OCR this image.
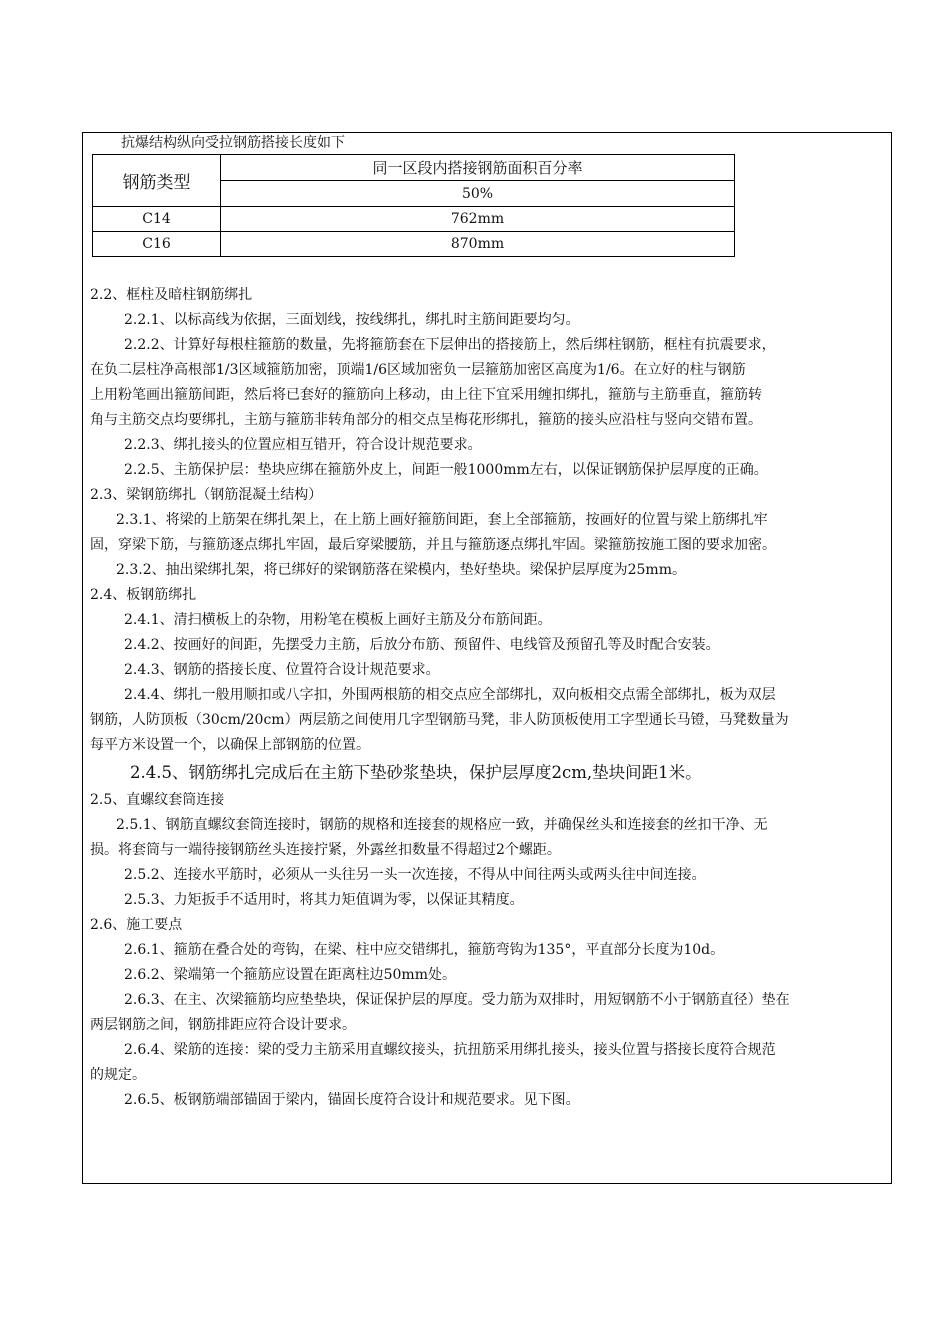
抗爆结构纵向受拉钢筋搭接长度如下
钢筋类型	同一区段内搭接钢筋面积百分率
	50%
C14	762mm
C16	870mm
2.2、框柱及暗柱钢筋绑扎
2.2.1、以标高线为依据，三面划线，按线绑扎，绑扎时主筋间距要均匀。
2.2.2、计算好每根柱箍筋的数量，先将箍筋套在下层伸出的搭接筋上，然后绑柱钢筋，框柱有抗震要求，
在负二层柱净高根部1/3区域箍筋加密，顶端1/6区域加密负一层箍筋加密区高度为1/6。在立好的柱与钢筋
上用粉笔画出箍筋间距，然后将已套好的箍筋向上移动，由上往下宜采用缠扣绑扎，箍筋与主筋垂直，箍筋转
角与主筋交点均要绑扎，主筋与箍筋非转角部分的相交点呈梅花形绑扎，箍筋的接头应沿柱与竖向交错布置。
2.2.3、绑扎接头的位置应相互错开，符合设计规范要求。
2.2.5、主筋保护层：垫块应绑在箍筋外皮上，间距一般1000mm左右，以保证钢筋保护层厚度的正确。
2.3、梁钢筋绑扎（钢筋混凝土结构）
2.3.1、将梁的上筋架在绑扎架上，在上筋上画好箍筋间距，套上全部箍筋，按画好的位置与梁上筋绑扎牢
固，穿梁下筋，与箍筋逐点绑扎牢固，最后穿梁腰筋，并且与箍筋逐点绑扎牢固。梁箍筋按施工图的要求加密。
2.3.2、抽出梁绑扎架，将已绑好的梁钢筋落在梁模内，垫好垫块。梁保护层厚度为25mm。
2.4、板钢筋绑扎
2.4.1、清扫横板上的杂物，用粉笔在模板上画好主筋及分布筋间距。
2.4.2、按画好的间距，先摆受力主筋，后放分布筋、预留件、电线管及预留孔等及时配合安装。
2.4.3、钢筋的搭接长度、位置符合设计规范要求。
2.4.4、绑扎一般用顺扣或八字扣，外围两根筋的相交点应全部绑扎，双向板相交点需全部绑扎，板为双层
钢筋，人防顶板（30cm/20cm）两层筋之间使用几字型钢筋马凳，非人防顶板使用工字型通长马镫，马凳数量为
每平方米设置一个，以确保上部钢筋的位置。
2.4.5、钢筋绑扎完成后在主筋下垫砂浆垫块，保护层厚度2cm,垫块间距1米。
2.5、直螺纹套筒连接
2.5.1、钢筋直螺纹套筒连接时，钢筋的规格和连接套的规格应一致，并确保丝头和连接套的丝扣干净、无
损。将套筒与一端待接钢筋丝头连接拧紧，外露丝扣数量不得超过2个螺距。
2.5.2、连接水平筋时，必须从一头往另一头一次连接，不得从中间往两头或两头往中间连接。
2.5.3、力矩扳手不适用时，将其力矩值调为零，以保证其精度。
2.6、施工要点
2.6.1、箍筋在叠合处的弯钩，在梁、柱中应交错绑扎，箍筋弯钩为135°，平直部分长度为10d。
2.6.2、梁端第一个箍筋应设置在距离柱边50mm处。
2.6.3、在主、次梁箍筋均应垫垫块，保证保护层的厚度。受力筋为双排时，用短钢筋不小于钢筋直径）垫在
两层钢筋之间，钢筋排距应符合设计要求。
2.6.4、梁筋的连接：梁的受力主筋采用直螺纹接头，抗扭筋采用绑扎接头，接头位置与搭接长度符合规范
的规定。
2.6.5、板钢筋端部锚固于梁内，锚固长度符合设计和规范要求。见下图。
